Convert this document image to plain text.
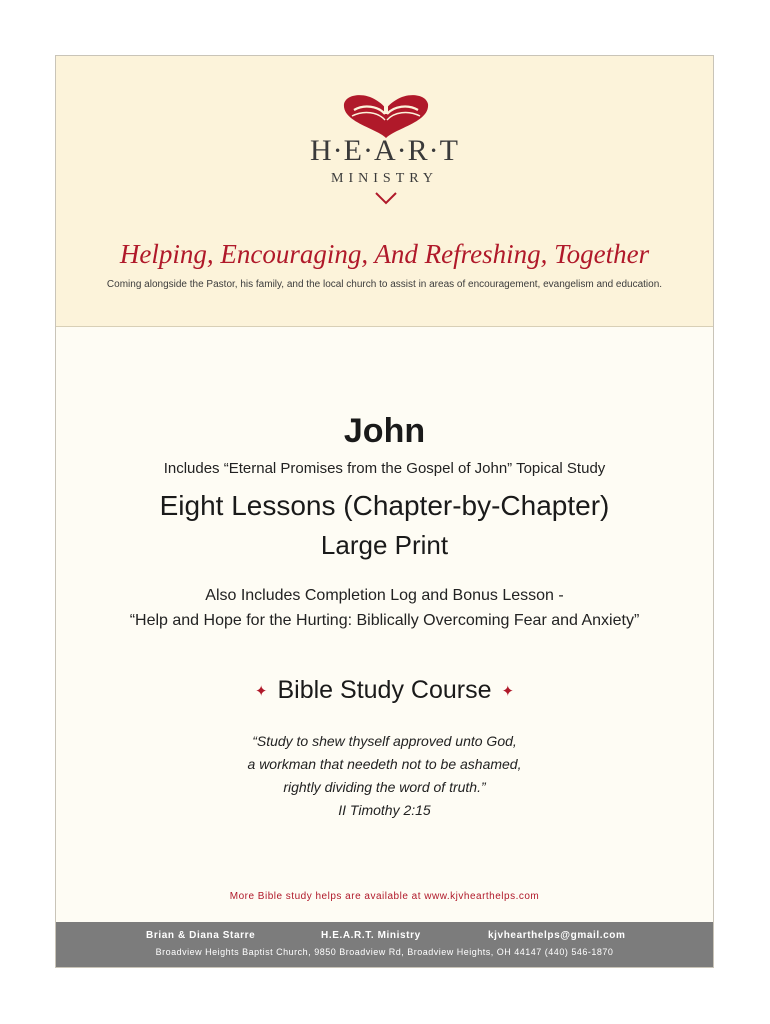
H·E·A·R·T
MINISTRY
Helping, Encouraging, And Refreshing, Together
Coming alongside the Pastor, his family, and the local church to assist in areas of encouragement, evangelism and education.
John
Includes “Eternal Promises from the Gospel of John” Topical Study
Eight Lessons (Chapter-by-Chapter)
Large Print
Also Includes Completion Log and Bonus Lesson -
“Help and Hope for the Hurting: Biblically Overcoming Fear and Anxiety”
✦ Bible Study Course ✦
“Study to shew thyself approved unto God,
a workman that needeth not to be ashamed,
rightly dividing the word of truth.”
II Timothy 2:15
More Bible study helps are available at www.kjvhearthelps.com
Brian & Diana Starre	H.E.A.R.T. Ministry	kjvhearthelps@gmail.com
Broadview Heights Baptist Church, 9850 Broadview Rd, Broadview Heights, OH 44147 (440) 546-1870
